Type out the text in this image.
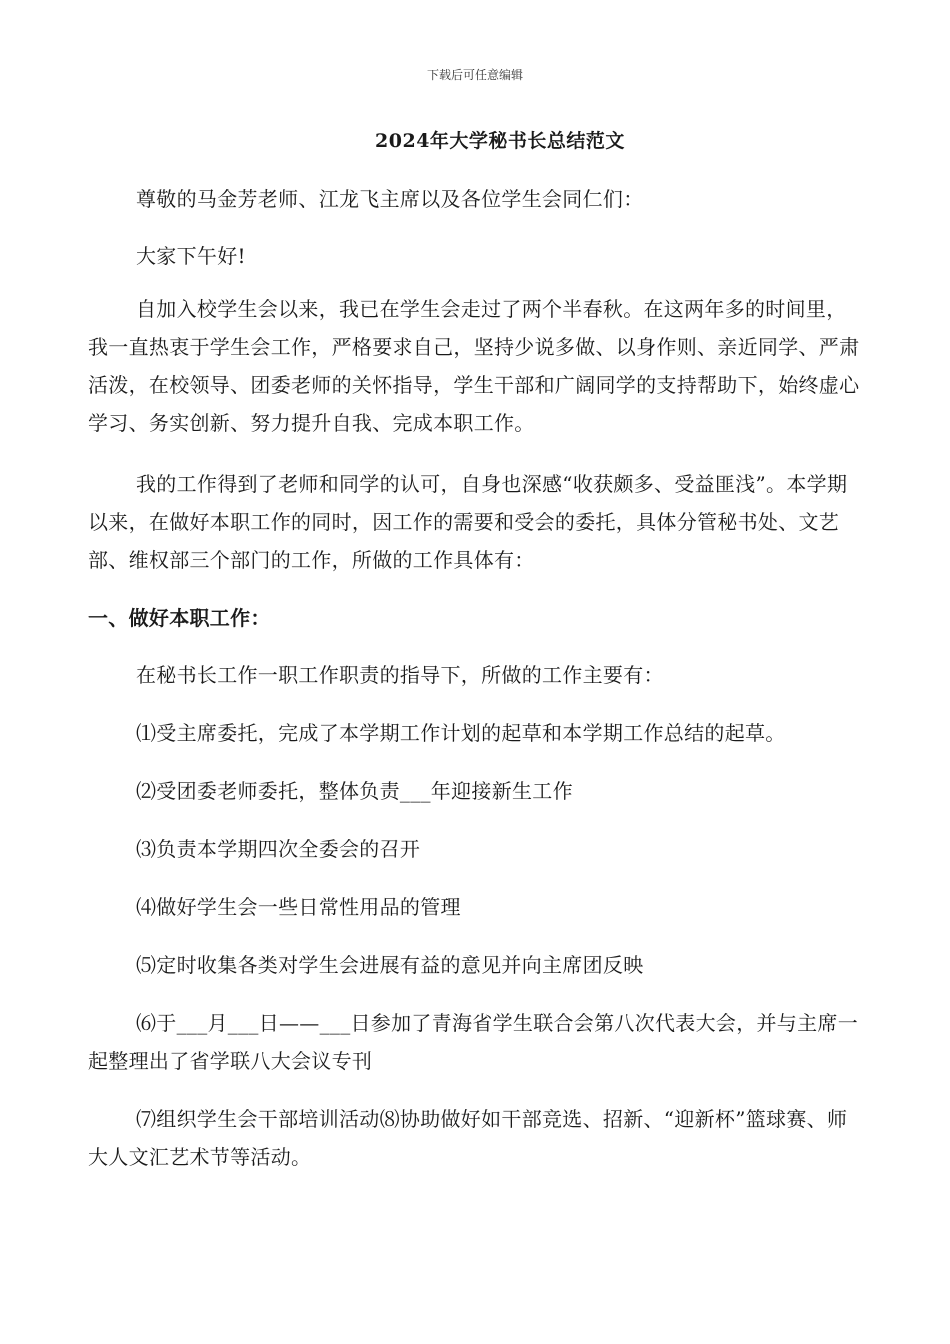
下载后可任意编辑
2024年大学秘书长总结范文
尊敬的马金芳老师、江龙飞主席以及各位学生会同仁们：
大家下午好!
自加入校学生会以来，我已在学生会走过了两个半春秋。在这两年多的时间里，我一直热衷于学生会工作，严格要求自己，坚持少说多做、以身作则、亲近同学、严肃活泼，在校领导、团委老师的关怀指导，学生干部和广阔同学的支持帮助下，始终虚心学习、务实创新、努力提升自我、完成本职工作。
我的工作得到了老师和同学的认可，自身也深感“收获颇多、受益匪浅”。本学期以来，在做好本职工作的同时，因工作的需要和受会的委托，具体分管秘书处、文艺部、维权部三个部门的工作，所做的工作具体有：
一、做好本职工作：
在秘书长工作一职工作职责的指导下，所做的工作主要有：
⑴受主席委托，完成了本学期工作计划的起草和本学期工作总结的起草。
⑵受团委老师委托，整体负责___年迎接新生工作
⑶负责本学期四次全委会的召开
⑷做好学生会一些日常性用品的管理
⑸定时收集各类对学生会进展有益的意见并向主席团反映
⑹于___月___日——___日参加了青海省学生联合会第八次代表大会，并与主席一起整理出了省学联八大会议专刊
⑺组织学生会干部培训活动⑻协助做好如干部竞选、招新、“迎新杯”篮球赛、师大人文汇艺术节等活动。
